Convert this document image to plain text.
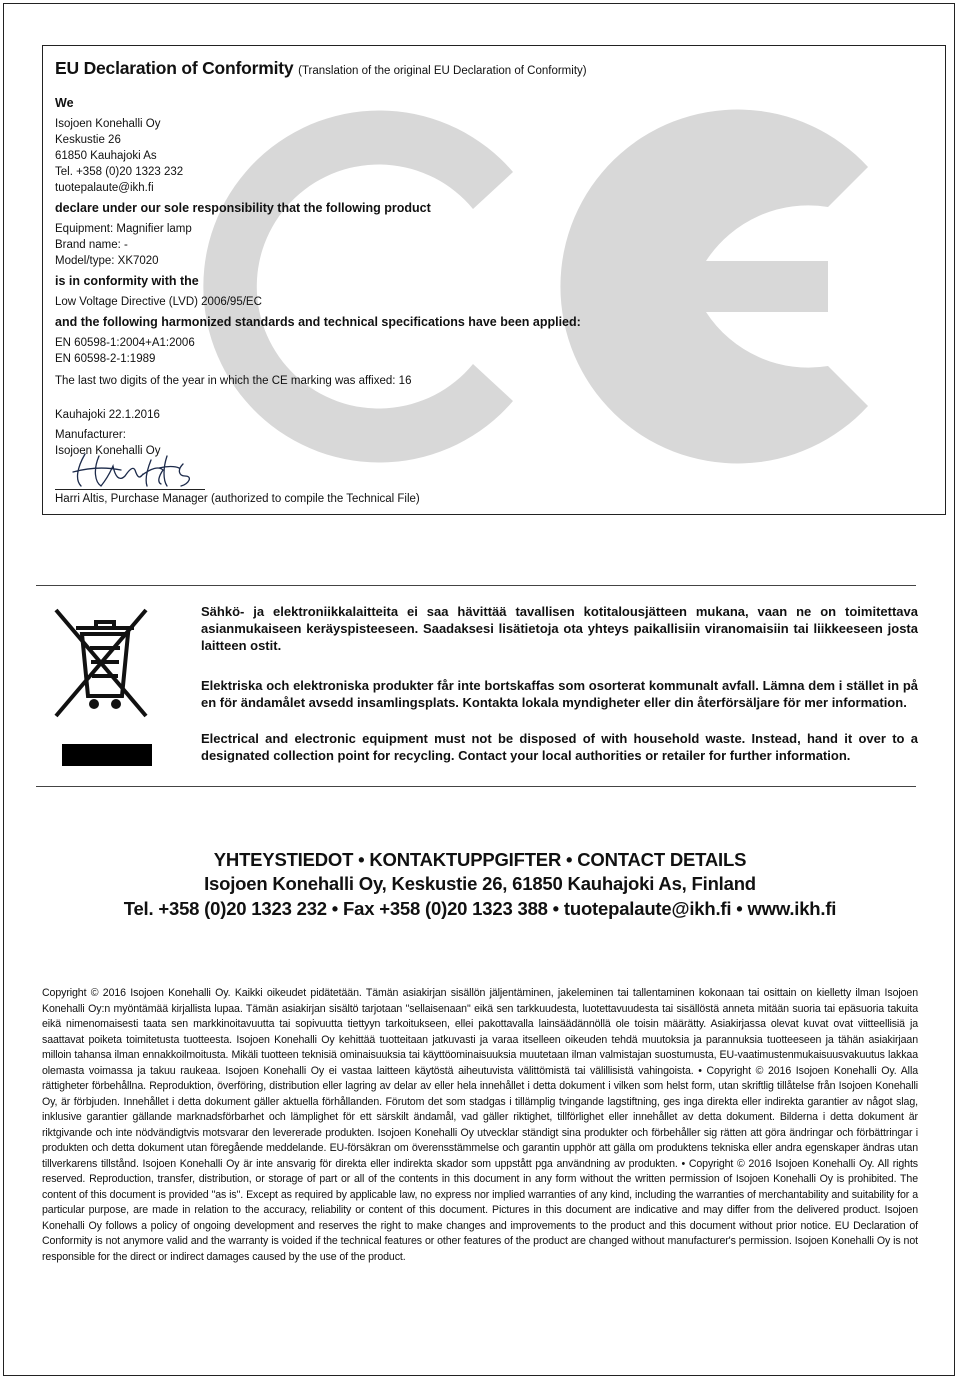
EU Declaration of Conformity (Translation of the original EU Declaration of Conformity)
We
Isojoen Konehalli Oy
Keskustie 26
61850 Kauhajoki As
Tel. +358 (0)20 1323 232
tuotepalaute@ikh.fi
declare under our sole responsibility that the following product
Equipment: Magnifier lamp
Brand name: -
Model/type: XK7020
is in conformity with the
Low Voltage Directive (LVD) 2006/95/EC
and the following harmonized standards and technical specifications have been applied:
EN 60598-1:2004+A1:2006
EN 60598-2-1:1989
The last two digits of the year in which the CE marking was affixed: 16
Kauhajoki 22.1.2016
Manufacturer:
Isojoen Konehalli Oy
Harri Altis, Purchase Manager (authorized to compile the Technical File)

Sähkö- ja elektroniikkalaitteita ei saa hävittää tavallisen kotitalousjätteen mukana, vaan ne on toimitettava asianmukaiseen keräyspisteeseen. Saadaksesi lisätietoja ota yhteys paikallisiin viranomaisiin tai liikkeeseen josta laitteen ostit.

Elektriska och elektroniska produkter får inte bortskaffas som osorterat kommunalt avfall. Lämna dem i stället in på en för ändamålet avsedd insamlingsplats. Kontakta lokala myndigheter eller din återförsäljare för mer information.

Electrical and electronic equipment must not be disposed of with household waste. Instead, hand it over to a designated collection point for recycling. Contact your local authorities or retailer for further information.

YHTEYSTIEDOT • KONTAKTUPPGIFTER • CONTACT DETAILS
Isojoen Konehalli Oy, Keskustie 26, 61850 Kauhajoki As, Finland
Tel. +358 (0)20 1323 232 • Fax +358 (0)20 1323 388 • tuotepalaute@ikh.fi • www.ikh.fi

Copyright © 2016 Isojoen Konehalli Oy. Kaikki oikeudet pidätetään. Tämän asiakirjan sisällön jäljentäminen, jakeleminen tai tallentaminen kokonaan tai osittain on kielletty ilman Isojoen Konehalli Oy:n myöntämää kirjallista lupaa. Tämän asiakirjan sisältö tarjotaan "sellaisenaan" eikä sen tarkkuudesta, luotettavuudesta tai sisällöstä anneta mitään suoria tai epäsuoria takuita eikä nimenomaisesti taata sen markkinoitavuutta tai sopivuutta tiettyyn tarkoitukseen, ellei pakottavalla lainsäädännöllä ole toisin määrätty. Asiakirjassa olevat kuvat ovat viitteellisiä ja saattavat poiketa toimitetusta tuotteesta. Isojoen Konehalli Oy kehittää tuotteitaan jatkuvasti ja varaa itselleen oikeuden tehdä muutoksia ja parannuksia tuotteeseen ja tähän asiakirjaan milloin tahansa ilman ennakkoilmoitusta. Mikäli tuotteen teknisiä ominaisuuksia tai käyttöominaisuuksia muutetaan ilman valmistajan suostumusta, EU-vaatimustenmukaisuusvakuutus lakkaa olemasta voimassa ja takuu raukeaa. Isojoen Konehalli Oy ei vastaa laitteen käytöstä aiheutuvista välittömistä tai välillisistä vahingoista. • Copyright © 2016 Isojoen Konehalli Oy. Alla rättigheter förbehållna. Reproduktion, överföring, distribution eller lagring av delar av eller hela innehållet i detta dokument i vilken som helst form, utan skriftlig tillåtelse från Isojoen Konehalli Oy, är förbjuden. Innehållet i detta dokument gäller aktuella förhållanden. Förutom det som stadgas i tillämplig tvingande lagstiftning, ges inga direkta eller indirekta garantier av något slag, inklusive garantier gällande marknadsförbarhet och lämplighet för ett särskilt ändamål, vad gäller riktighet, tillförlighet eller innehållet av detta dokument. Bilderna i detta dokument är riktgivande och inte nödvändigtvis motsvarar den levererade produkten. Isojoen Konehalli Oy utvecklar ständigt sina produkter och förbehåller sig rätten att göra ändringar och förbättringar i produkten och detta dokument utan föregående meddelande. EU-försäkran om överensstämmelse och garantin upphör att gälla om produktens tekniska eller andra egenskaper ändras utan tillverkarens tillstånd. Isojoen Konehalli Oy är inte ansvarig för direkta eller indirekta skador som uppstått pga användning av produkten. • Copyright © 2016 Isojoen Konehalli Oy. All rights reserved. Reproduction, transfer, distribution, or storage of part or all of the contents in this document in any form without the written permission of Isojoen Konehalli Oy is prohibited. The content of this document is provided "as is". Except as required by applicable law, no express nor implied warranties of any kind, including the warranties of merchantability and suitability for a particular purpose, are made in relation to the accuracy, reliability or content of this document. Pictures in this document are indicative and may differ from the delivered product. Isojoen Konehalli Oy follows a policy of ongoing development and reserves the right to make changes and improvements to the product and this document without prior notice. EU Declaration of Conformity is not anymore valid and the warranty is voided if the technical features or other features of the product are changed without manufacturer's permission. Isojoen Konehalli Oy is not responsible for the direct or indirect damages caused by the use of the product.
